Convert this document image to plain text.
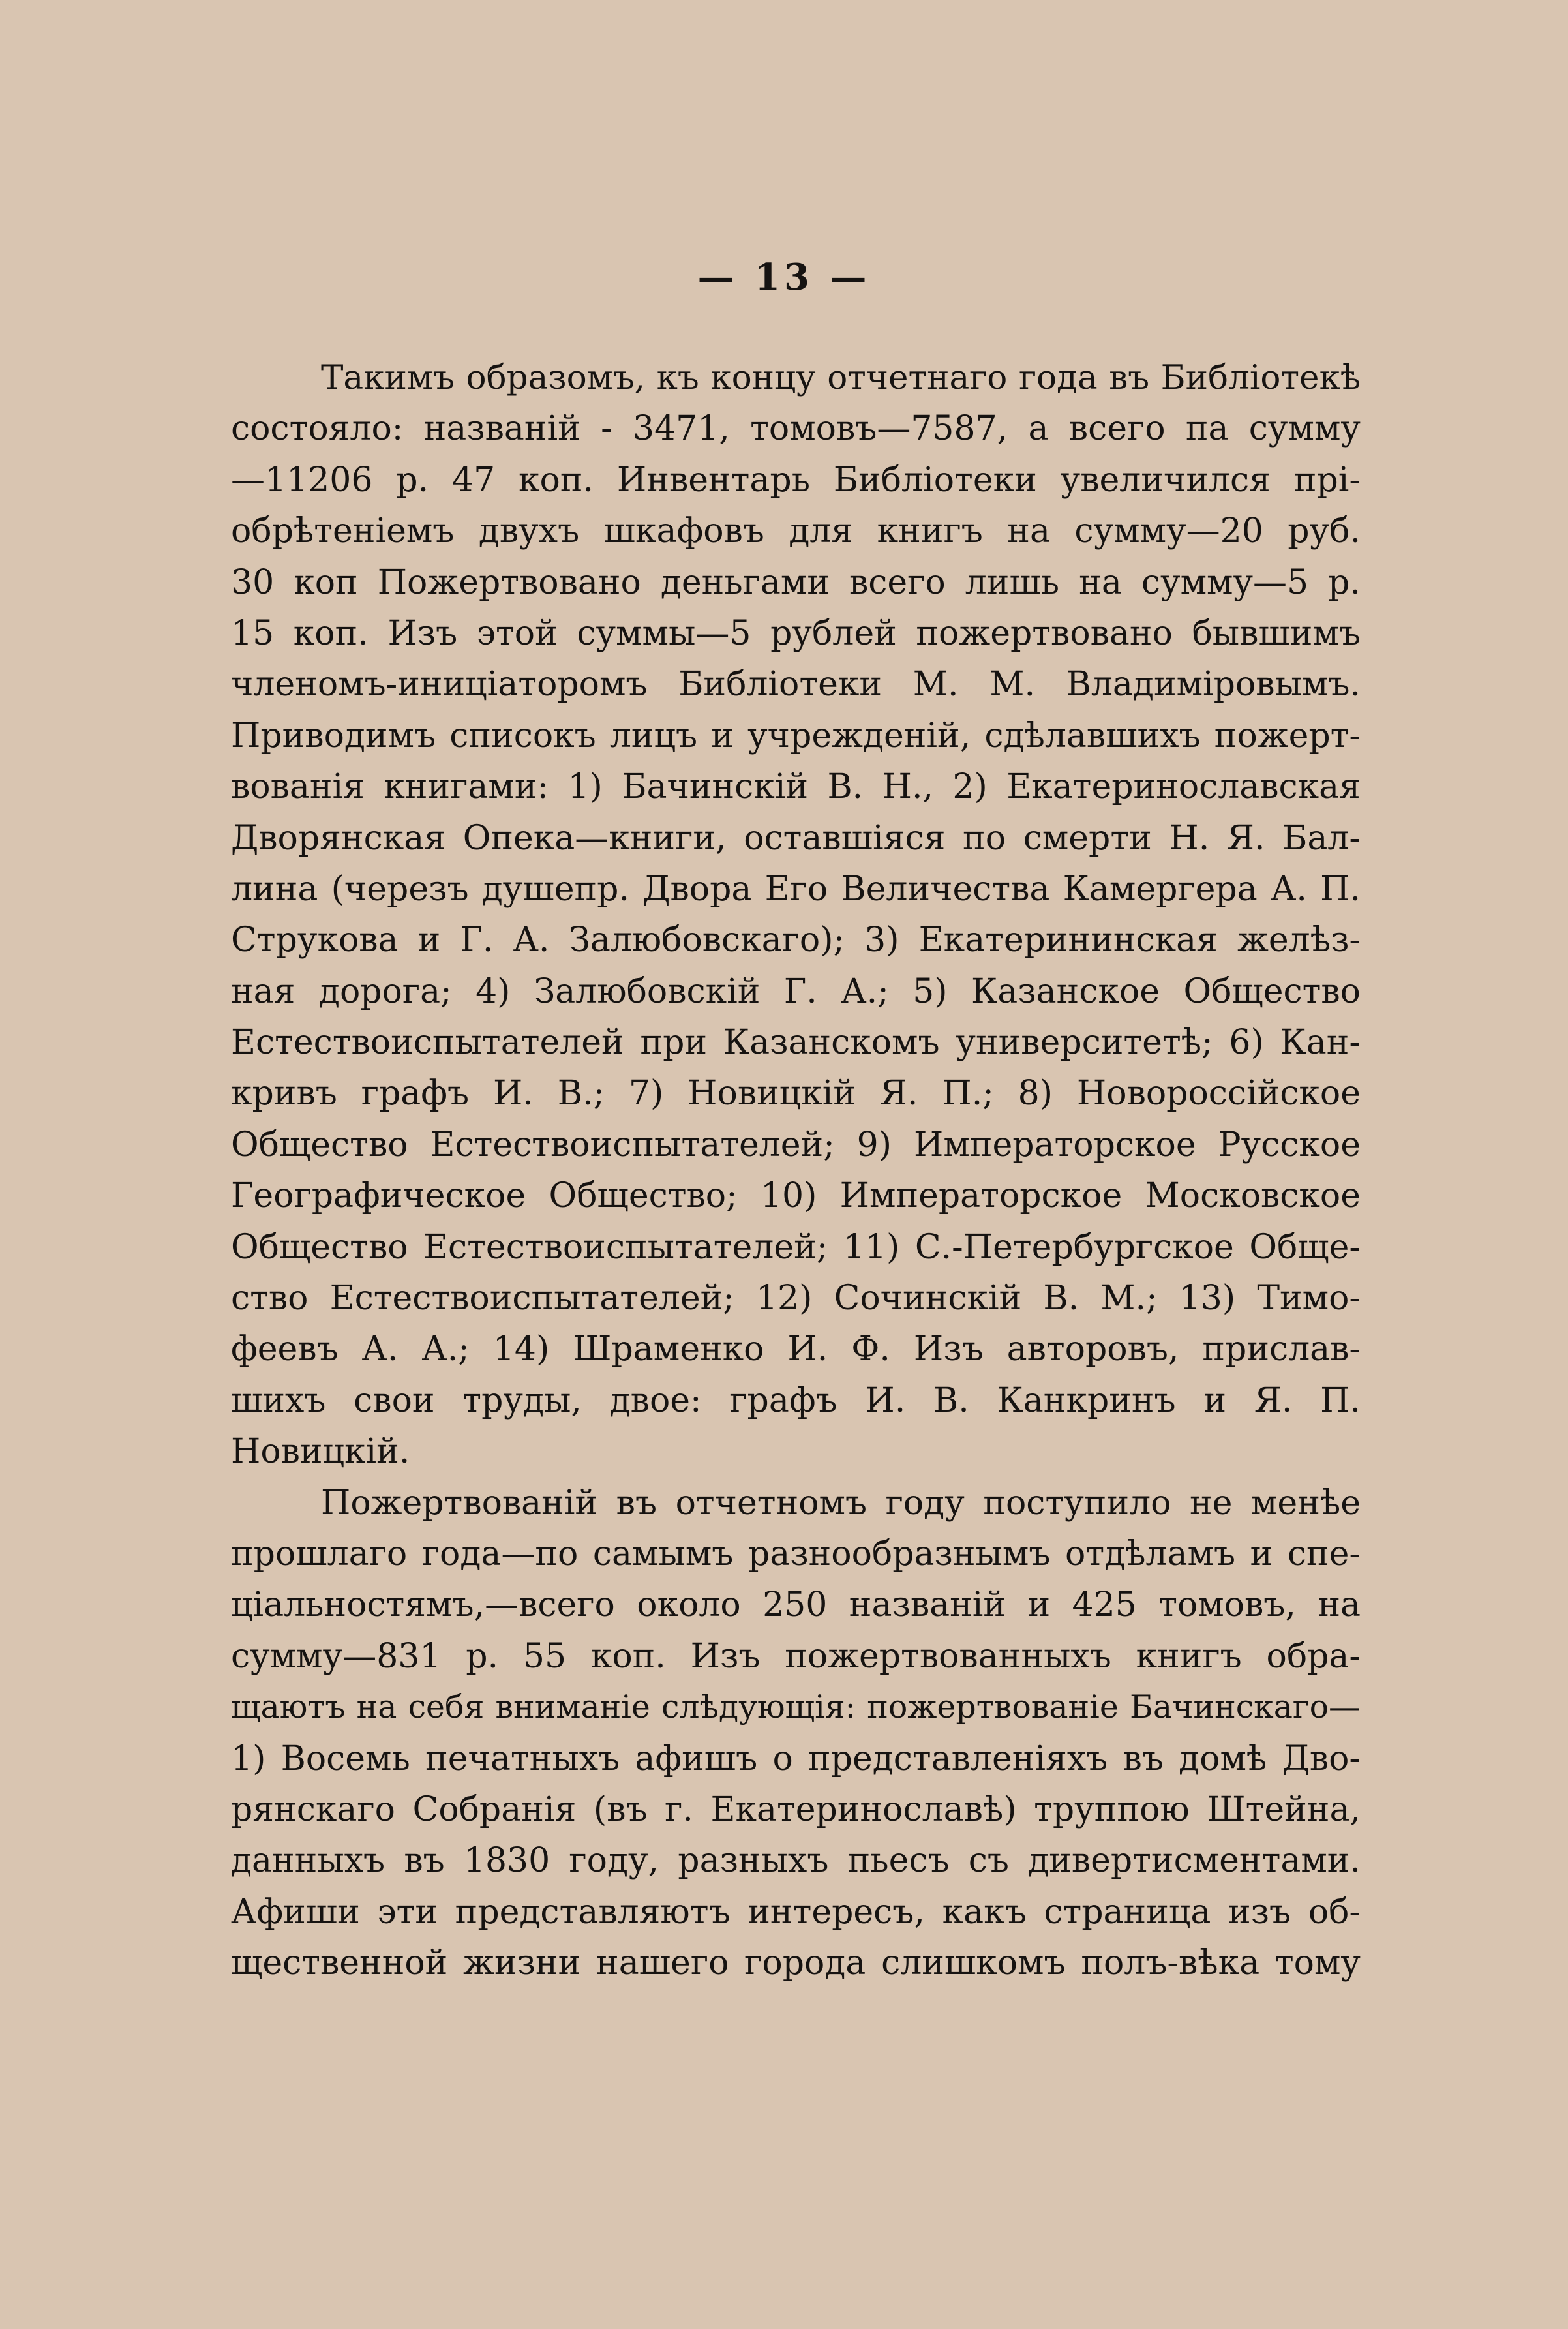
— 13 —
Такимъ образомъ, къ концу отчетнаго года въ Библіотекѣ
состояло: названій - 3471, томовъ—7587, а всего па сумму
—11206 р. 47 коп. Инвентарь Библіотеки увеличился прі-
обрѣтеніемъ двухъ шкафовъ для книгъ на сумму—20 руб.
30 коп Пожертвовано деньгами всего лишь на сумму—5 р.
15 коп. Изъ этой суммы—5 рублей пожертвовано бывшимъ
членомъ-иниціаторомъ Библіотеки М. М. Владиміровымъ.
Приводимъ списокъ лицъ и учрежденій, сдѣлавшихъ пожерт-
вованія книгами: 1) Бачинскій В. Н., 2) Екатеринославская
Дворянская Опека—книги, оставшіяся по смерти Н. Я. Бал-
лина (черезъ душепр. Двора Его Величества Камергера А. П.
Струкова и Г. А. Залюбовскаго); 3) Екатерининская желѣз-
ная дорога; 4) Залюбовскій Г. А.; 5) Казанское Общество
Естествоиспытателей при Казанскомъ университетѣ; 6) Кан-
кривъ графъ И. В.; 7) Новицкій Я. П.; 8) Новороссійское
Общество Естествоиспытателей; 9) Императорское Русское
Географическое Общество; 10) Императорское Московское
Общество Естествоиспытателей; 11) С.-Петербургское Обще-
ство Естествоиспытателей; 12) Сочинскій В. М.; 13) Тимо-
феевъ А. А.; 14) Шраменко И. Ф. Изъ авторовъ, прислав-
шихъ свои труды, двое: графъ И. В. Канкринъ и Я. П.
Новицкій.
Пожертвованій въ отчетномъ году поступило не менѣе
прошлаго года—по самымъ разнообразнымъ отдѣламъ и спе-
ціальностямъ,—всего около 250 названій и 425 томовъ, на
сумму—831 р. 55 коп. Изъ пожертвованныхъ книгъ обра-
щаютъ на себя вниманіе слѣдующія: пожертвованіе Бачинскаго—
1) Восемь печатныхъ афишъ о представленіяхъ въ домѣ Дво-
рянскаго Собранія (въ г. Екатеринославѣ) труппою Штейна,
данныхъ въ 1830 году, разныхъ пьесъ съ дивертисментами.
Афиши эти представляютъ интересъ, какъ страница изъ об-
щественной жизни нашего города слишкомъ полъ-вѣка тому
